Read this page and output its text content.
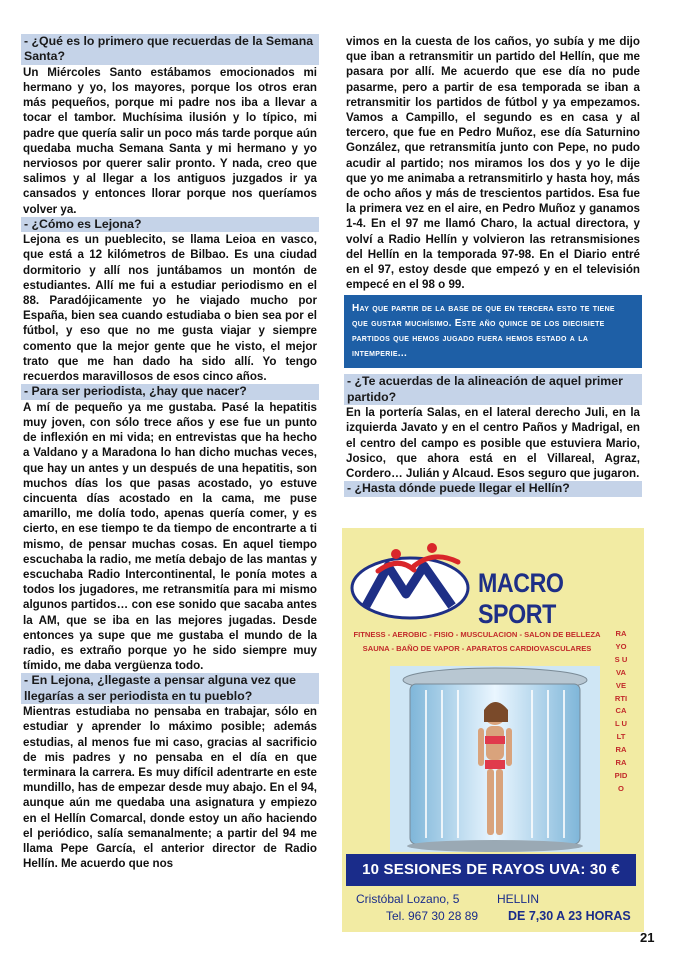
- ¿Qué es lo primero que recuerdas de la Semana Santa?

Un Miércoles Santo estábamos emocionados mi hermano y yo, los mayores, porque los otros eran más pequeños, porque mi padre nos iba a llevar a tocar el tambor. Muchísima ilusión y lo típico, mi padre que quería salir un poco más tarde porque aún quedaba mucha Semana Santa y mi hermano y yo nerviosos por querer salir pronto. Y nada, creo que salimos y al llegar a los antiguos juzgados ir ya cansados y entonces llorar porque nos queríamos volver ya.

- ¿Cómo es Lejona?

Lejona es un pueblecito, se llama Leioa en vasco, que está a 12 kilómetros de Bilbao. Es una ciudad dormitorio y allí nos juntábamos un montón de estudiantes. Allí me fui a estudiar periodismo en el 88. Paradójicamente yo he viajado mucho por España, bien sea cuando estudiaba o bien sea por el fútbol, y eso que no me gusta viajar y siempre comento que la mejor gente que he visto, el mejor trato que me han dado ha sido allí. Yo tengo recuerdos maravillosos de esos cinco años.

- Para ser periodista, ¿hay que nacer?

A mí de pequeño ya me gustaba. Pasé la hepatitis muy joven, con sólo trece años y ese fue un punto de inflexión en mi vida; en entrevistas que ha hecho a Valdano y a Maradona lo han dicho muchas veces, que hay un antes y un después de una hepatitis, son muchos días los que pasas acostado, yo estuve cincuenta días acostado en la cama, me puse amarillo, me dolía todo, apenas quería comer, y es cierto, en ese tiempo te da tiempo de encontrarte a ti mismo, de pensar muchas cosas. En aquel tiempo escuchaba la radio, me metía debajo de las mantas y escuchaba Radio Intercontinental, le ponía motes a todos los jugadores, me retransmitía para mi mismo algunos partidos… con ese sonido que sacaba antes la AM, que se iba en las mejores jugadas. Desde entonces ya supe que me gustaba el mundo de la radio, es extraño porque yo he sido siempre muy tímido, me daba vergüenza todo.

- En Lejona, ¿llegaste a pensar alguna vez que llegarías a ser periodista en tu pueblo?

Mientras estudiaba no pensaba en trabajar, sólo en estudiar y aprender lo máximo posible; además estudias, al menos fue mi caso, gracias al sacrificio de mis padres y no pensaba en el día en que terminara la carrera. Es muy difícil adentrarte en este mundillo, has de empezar desde muy abajo. En el 94, aunque aún me quedaba una asignatura y empiezo en el Hellín Comarcal, donde estoy un año haciendo el periódico, salía semanalmente; a partir del 94 me llama Pepe García, el anterior director de Radio Hellín. Me acuerdo que nos

vimos en la cuesta de los caños, yo subía y me dijo que iban a retransmitir un partido del Hellín, que me pasara por allí. Me acuerdo que ese día no pude pasarme, pero a partir de esa temporada se iban a retransmitir los partidos de fútbol y ya empezamos. Vamos a Campillo, el segundo es en casa y al tercero, que fue en Pedro Muñoz, ese día Saturnino González, que retransmitía junto con Pepe, no pudo acudir al partido; nos miramos los dos y yo le dije que yo me animaba a retransmitirlo y hasta hoy, más de ocho años y más de trescientos partidos. Esa fue la primera vez en el aire, en Pedro Muñoz y ganamos 1-4. En el 97 me llamó Charo, la actual directora, y volví a Radio Hellín y volvieron las retransmisiones del Hellín en la temporada 97-98. En el Diario entré en el 97, estoy desde que empezó y en el televisión empecé en el 98 o 99.

Hay que partir de la base de que en tercera esto te tiene que gustar muchísimo. Este año quince de los diecisiete partidos que hemos jugado fuera hemos estado a la intemperie...
- ¿Te acuerdas de la alineación de aquel primer partido?

En la portería Salas, en el lateral derecho Juli, en la izquierda Javato y en el centro Paños y Madrigal, en el centro del campo es posible que estuviera Mario, Josico, que ahora está en el Villareal, Agraz, Cordero… Julián y Alcaud. Esos seguro que jugaron.

- ¿Hasta dónde puede llegar el Hellín?
MACRO SPORT
FITNESS - AEROBIC - FISIO - MUSCULACION - SALON DE BELLEZA
SAUNA - BAÑO DE VAPOR - APARATOS CARDIOVASCULARES
RAYOS UVA VERTICAL ULTRARAPIDO
10 SESIONES DE RAYOS UVA: 30 €
Cristóbal Lozano, 5	HELLIN
Tel. 967 30 28 89 DE 7,30 A 23 HORAS
21
